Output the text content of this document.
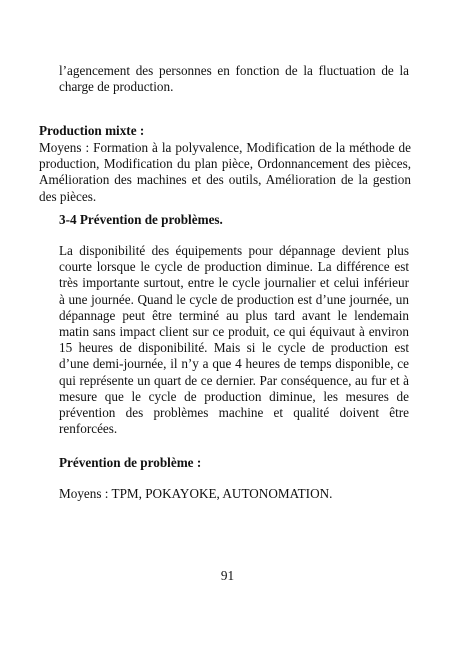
l’agencement des personnes en fonction de la fluctuation de la charge de production.

Production mixte :

Moyens : Formation à la polyvalence, Modification de la méthode de production, Modification du plan pièce, Ordonnancement des pièces, Amélioration des machines et des outils, Amélioration de la gestion des pièces.

3-4 Prévention de problèmes.

La disponibilité des équipements pour dépannage devient plus courte lorsque le cycle de production diminue. La différence est très importante surtout, entre le cycle journalier et celui inférieur à une journée. Quand le cycle de production est d’une journée, un dépannage peut être terminé au plus tard avant le lendemain matin sans impact client sur ce produit, ce qui équivaut à environ 15 heures de disponibilité. Mais si le cycle de production est d’une demi-journée, il n’y a que 4 heures de temps disponible, ce qui représente un quart de ce dernier. Par conséquence, au fur et à mesure que le cycle de production diminue, les mesures de prévention des problèmes machine et qualité doivent être renforcées.

Prévention de problème :

Moyens : TPM, POKAYOKE, AUTONOMATION.

91
